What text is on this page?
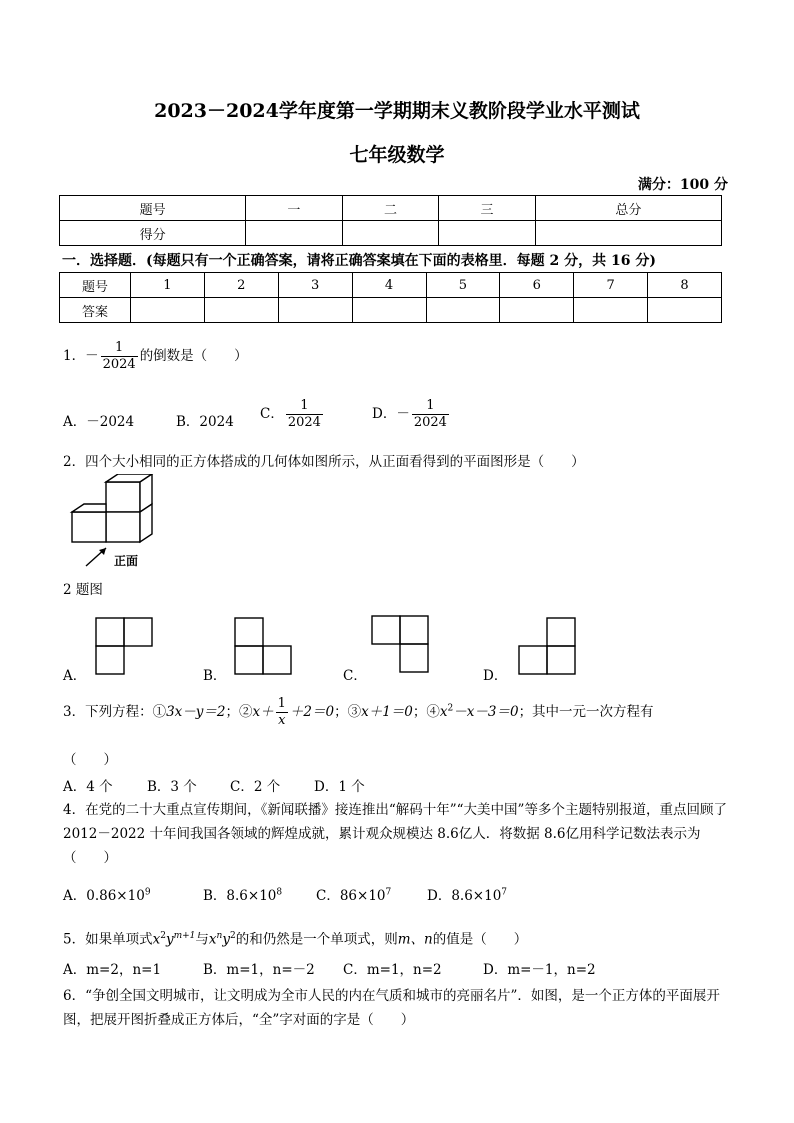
2023－2024学年度第一学期期末义教阶段学业水平测试
七年级数学
满分：100 分
题号	一	二	三	总分
得分				
一．选择题．(每题只有一个正确答案，请将正确答案填在下面的表格里．每题 2 分，共 16 分)
题号	1	2	3	4	5	6	7	8
答案								
1．－ $\frac{1}{2024}$ 的倒数是（　　）
A．－2024	B．2024 C． $\frac{1}{2024}$	D．－ $\frac{1}{2024}$
2．四个大小相同的正方体搭成的几何体如图所示，从正面看得到的平面图形是（　　）
正面
2 题图
A．	B．	C．	D．
3．下列方程：①3x－y＝2；②x＋ $\frac{1}{x} +2=0$；③x＋1＝0；$④x^2-x-3=0$；其中一元一次方程有
（　　）
A．4 个	B．3 个 C．2 个	D．1 个
4．在党的二十大重点宣传期间，《新闻联播》接连推出“解码十年”“大美中国”等多个主题特别报道，重点回顾了 2012－2022 十年间我国各领域的辉煌成就，累计观众规模达 8.6亿人．将数据 8.6亿用科学记数法表示为（　　）
A．$0.86\times 10^9$	B．$8.6\times 10^8$	C．$86\times 10^7$	D．$8.6\times 10^7$
5．如果单项式$x^2y^{m+1}$与$x^ny^2$的和仍然是一个单项式，则m、n的值是（　　）
A．m=2，n=1	B．m=1，n=－2 C．m=1，n=2	D．m=－1，n=2
6．“争创全国文明城市，让文明成为全市人民的内在气质和城市的亮丽名片”．如图，是一个正方体的平面展开图，把展开图折叠成正方体后，“全”字对面的字是（　　）
